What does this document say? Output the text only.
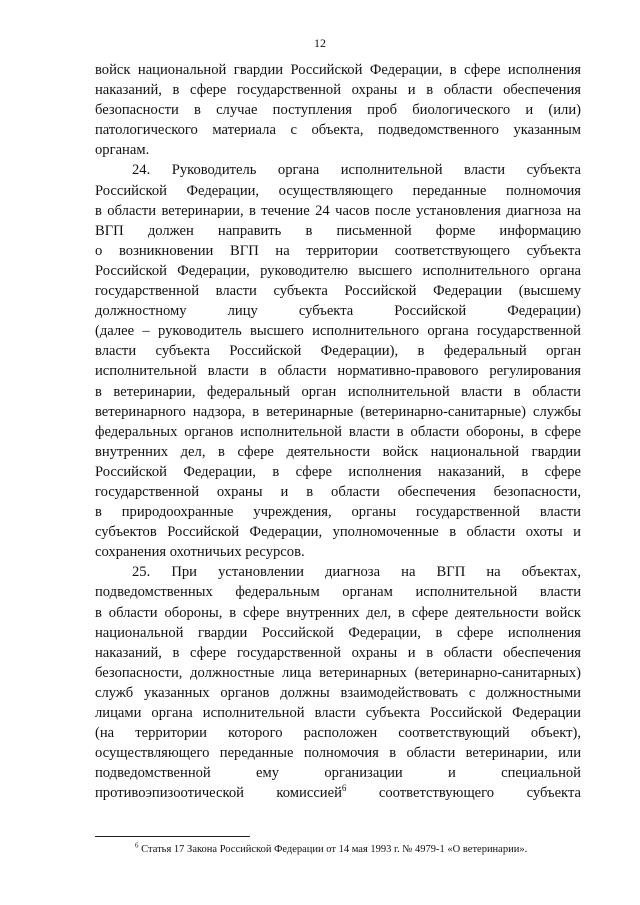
12
войск национальной гвардии Российской Федерации, в сфере исполнения
наказаний, в сфере государственной охраны и в области обеспечения
безопасности в случае поступления проб биологического и (или)
патологического материала с объекта, подведомственного указанным
органам.
24. Руководитель органа исполнительной власти субъекта
Российской Федерации, осуществляющего переданные полномочия
в области ветеринарии, в течение 24 часов после установления диагноза на
ВГП должен направить в письменной форме информацию
о возникновении ВГП на территории соответствующего субъекта
Российской Федерации, руководителю высшего исполнительного органа
государственной власти субъекта Российской Федерации (высшему
должностному лицу субъекта Российской Федерации)
(далее – руководитель высшего исполнительного органа государственной
власти субъекта Российской Федерации), в федеральный орган
исполнительной власти в области нормативно-правового регулирования
в ветеринарии, федеральный орган исполнительной власти в области
ветеринарного надзора, в ветеринарные (ветеринарно-санитарные) службы
федеральных органов исполнительной власти в области обороны, в сфере
внутренних дел, в сфере деятельности войск национальной гвардии
Российской Федерации, в сфере исполнения наказаний, в сфере
государственной охраны и в области обеспечения безопасности,
в природоохранные учреждения, органы государственной власти
субъектов Российской Федерации, уполномоченные в области охоты и
сохранения охотничьих ресурсов.
25. При установлении диагноза на ВГП на объектах,
подведомственных федеральным органам исполнительной власти
в области обороны, в сфере внутренних дел, в сфере деятельности войск
национальной гвардии Российской Федерации, в сфере исполнения
наказаний, в сфере государственной охраны и в области обеспечения
безопасности, должностные лица ветеринарных (ветеринарно-санитарных)
служб указанных органов должны взаимодействовать с должностными
лицами органа исполнительной власти субъекта Российской Федерации
(на территории которого расположен соответствующий объект),
осуществляющего переданные полномочия в области ветеринарии, или
подведомственной ему организации и специальной
противоэпизоотической комиссией$^6$ соответствующего субъекта
$^6$ Статья 17 Закона Российской Федерации от 14 мая 1993 г. № 4979-1 «О ветеринарии».
